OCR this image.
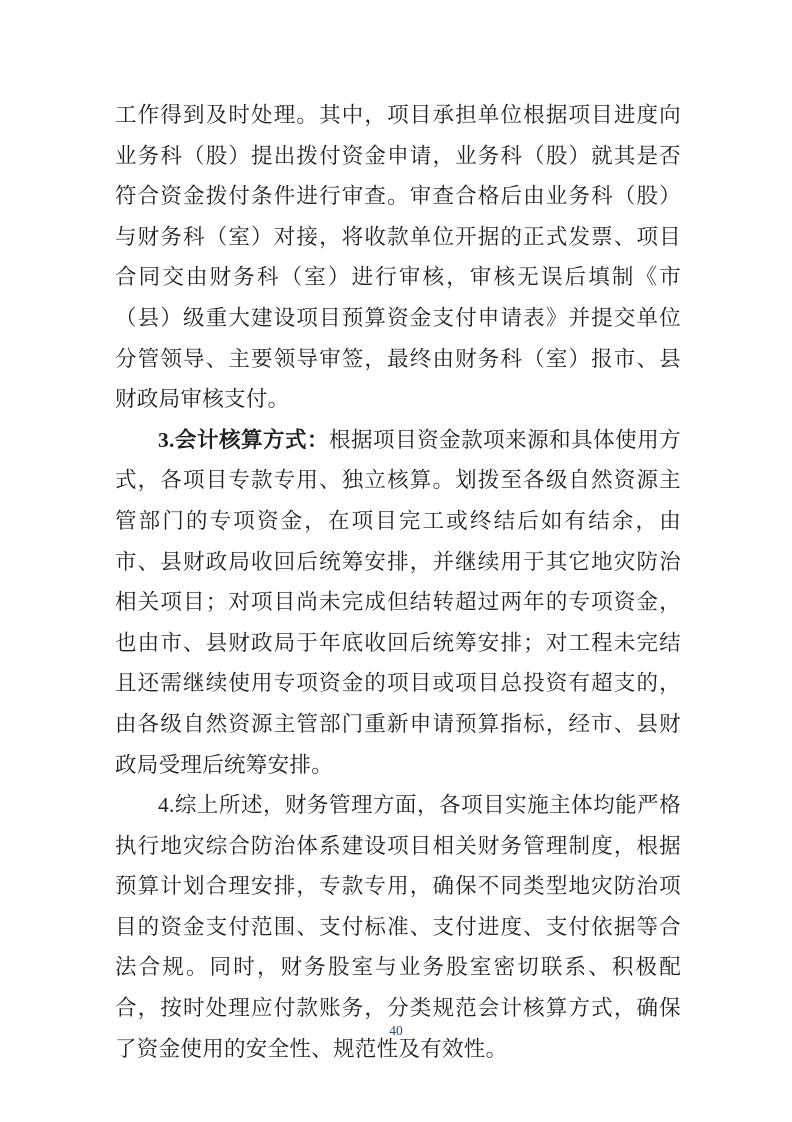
工作得到及时处理。其中，项目承担单位根据项目进度向业务科（股）提出拨付资金申请，业务科（股）就其是否符合资金拨付条件进行审查。审查合格后由业务科（股）与财务科（室）对接，将收款单位开据的正式发票、项目合同交由财务科（室）进行审核，审核无误后填制《市（县）级重大建设项目预算资金支付申请表》并提交单位分管领导、主要领导审签，最终由财务科（室）报市、县财政局审核支付。

3.会计核算方式：根据项目资金款项来源和具体使用方式，各项目专款专用、独立核算。划拨至各级自然资源主管部门的专项资金，在项目完工或终结后如有结余，由市、县财政局收回后统筹安排，并继续用于其它地灾防治相关项目；对项目尚未完成但结转超过两年的专项资金，也由市、县财政局于年底收回后统筹安排；对工程未完结且还需继续使用专项资金的项目或项目总投资有超支的，由各级自然资源主管部门重新申请预算指标，经市、县财政局受理后统筹安排。

4.综上所述，财务管理方面，各项目实施主体均能严格执行地灾综合防治体系建设项目相关财务管理制度，根据预算计划合理安排，专款专用，确保不同类型地灾防治项目的资金支付范围、支付标准、支付进度、支付依据等合法合规。同时，财务股室与业务股室密切联系、积极配合，按时处理应付款账务，分类规范会计核算方式，确保了资金使用的安全性、规范性及有效性。

40
